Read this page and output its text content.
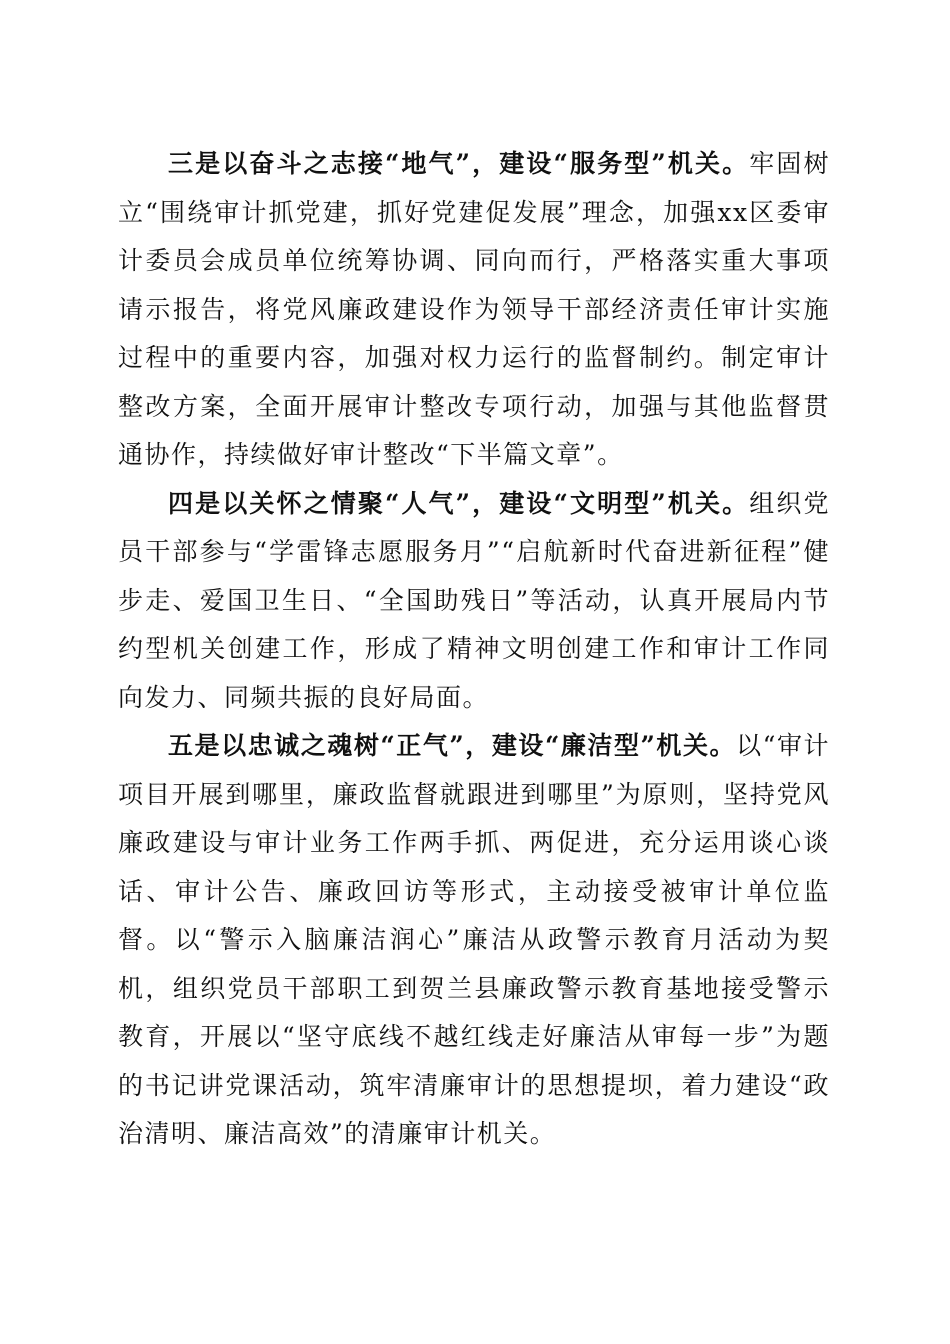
三是以奋斗之志接“地气”，建设“服务型”机关。牢固树立“围绕审计抓党建，抓好党建促发展”理念，加强xx区委审计委员会成员单位统筹协调、同向而行，严格落实重大事项请示报告，将党风廉政建设作为领导干部经济责任审计实施过程中的重要内容，加强对权力运行的监督制约。制定审计整改方案，全面开展审计整改专项行动，加强与其他监督贯通协作，持续做好审计整改“下半篇文章”。

四是以关怀之情聚“人气”，建设“文明型”机关。组织党员干部参与“学雷锋志愿服务月”“启航新时代奋进新征程”健步走、爱国卫生日、“全国助残日”等活动，认真开展局内节约型机关创建工作，形成了精神文明创建工作和审计工作同向发力、同频共振的良好局面。

五是以忠诚之魂树“正气”，建设“廉洁型”机关。以“审计项目开展到哪里，廉政监督就跟进到哪里”为原则，坚持党风廉政建设与审计业务工作两手抓、两促进，充分运用谈心谈话、审计公告、廉政回访等形式，主动接受被审计单位监督。以“警示入脑廉洁润心”廉洁从政警示教育月活动为契机，组织党员干部职工到贺兰县廉政警示教育基地接受警示教育，开展以“坚守底线不越红线走好廉洁从审每一步”为题的书记讲党课活动，筑牢清廉审计的思想提坝，着力建设“政治清明、廉洁高效”的清廉审计机关。
